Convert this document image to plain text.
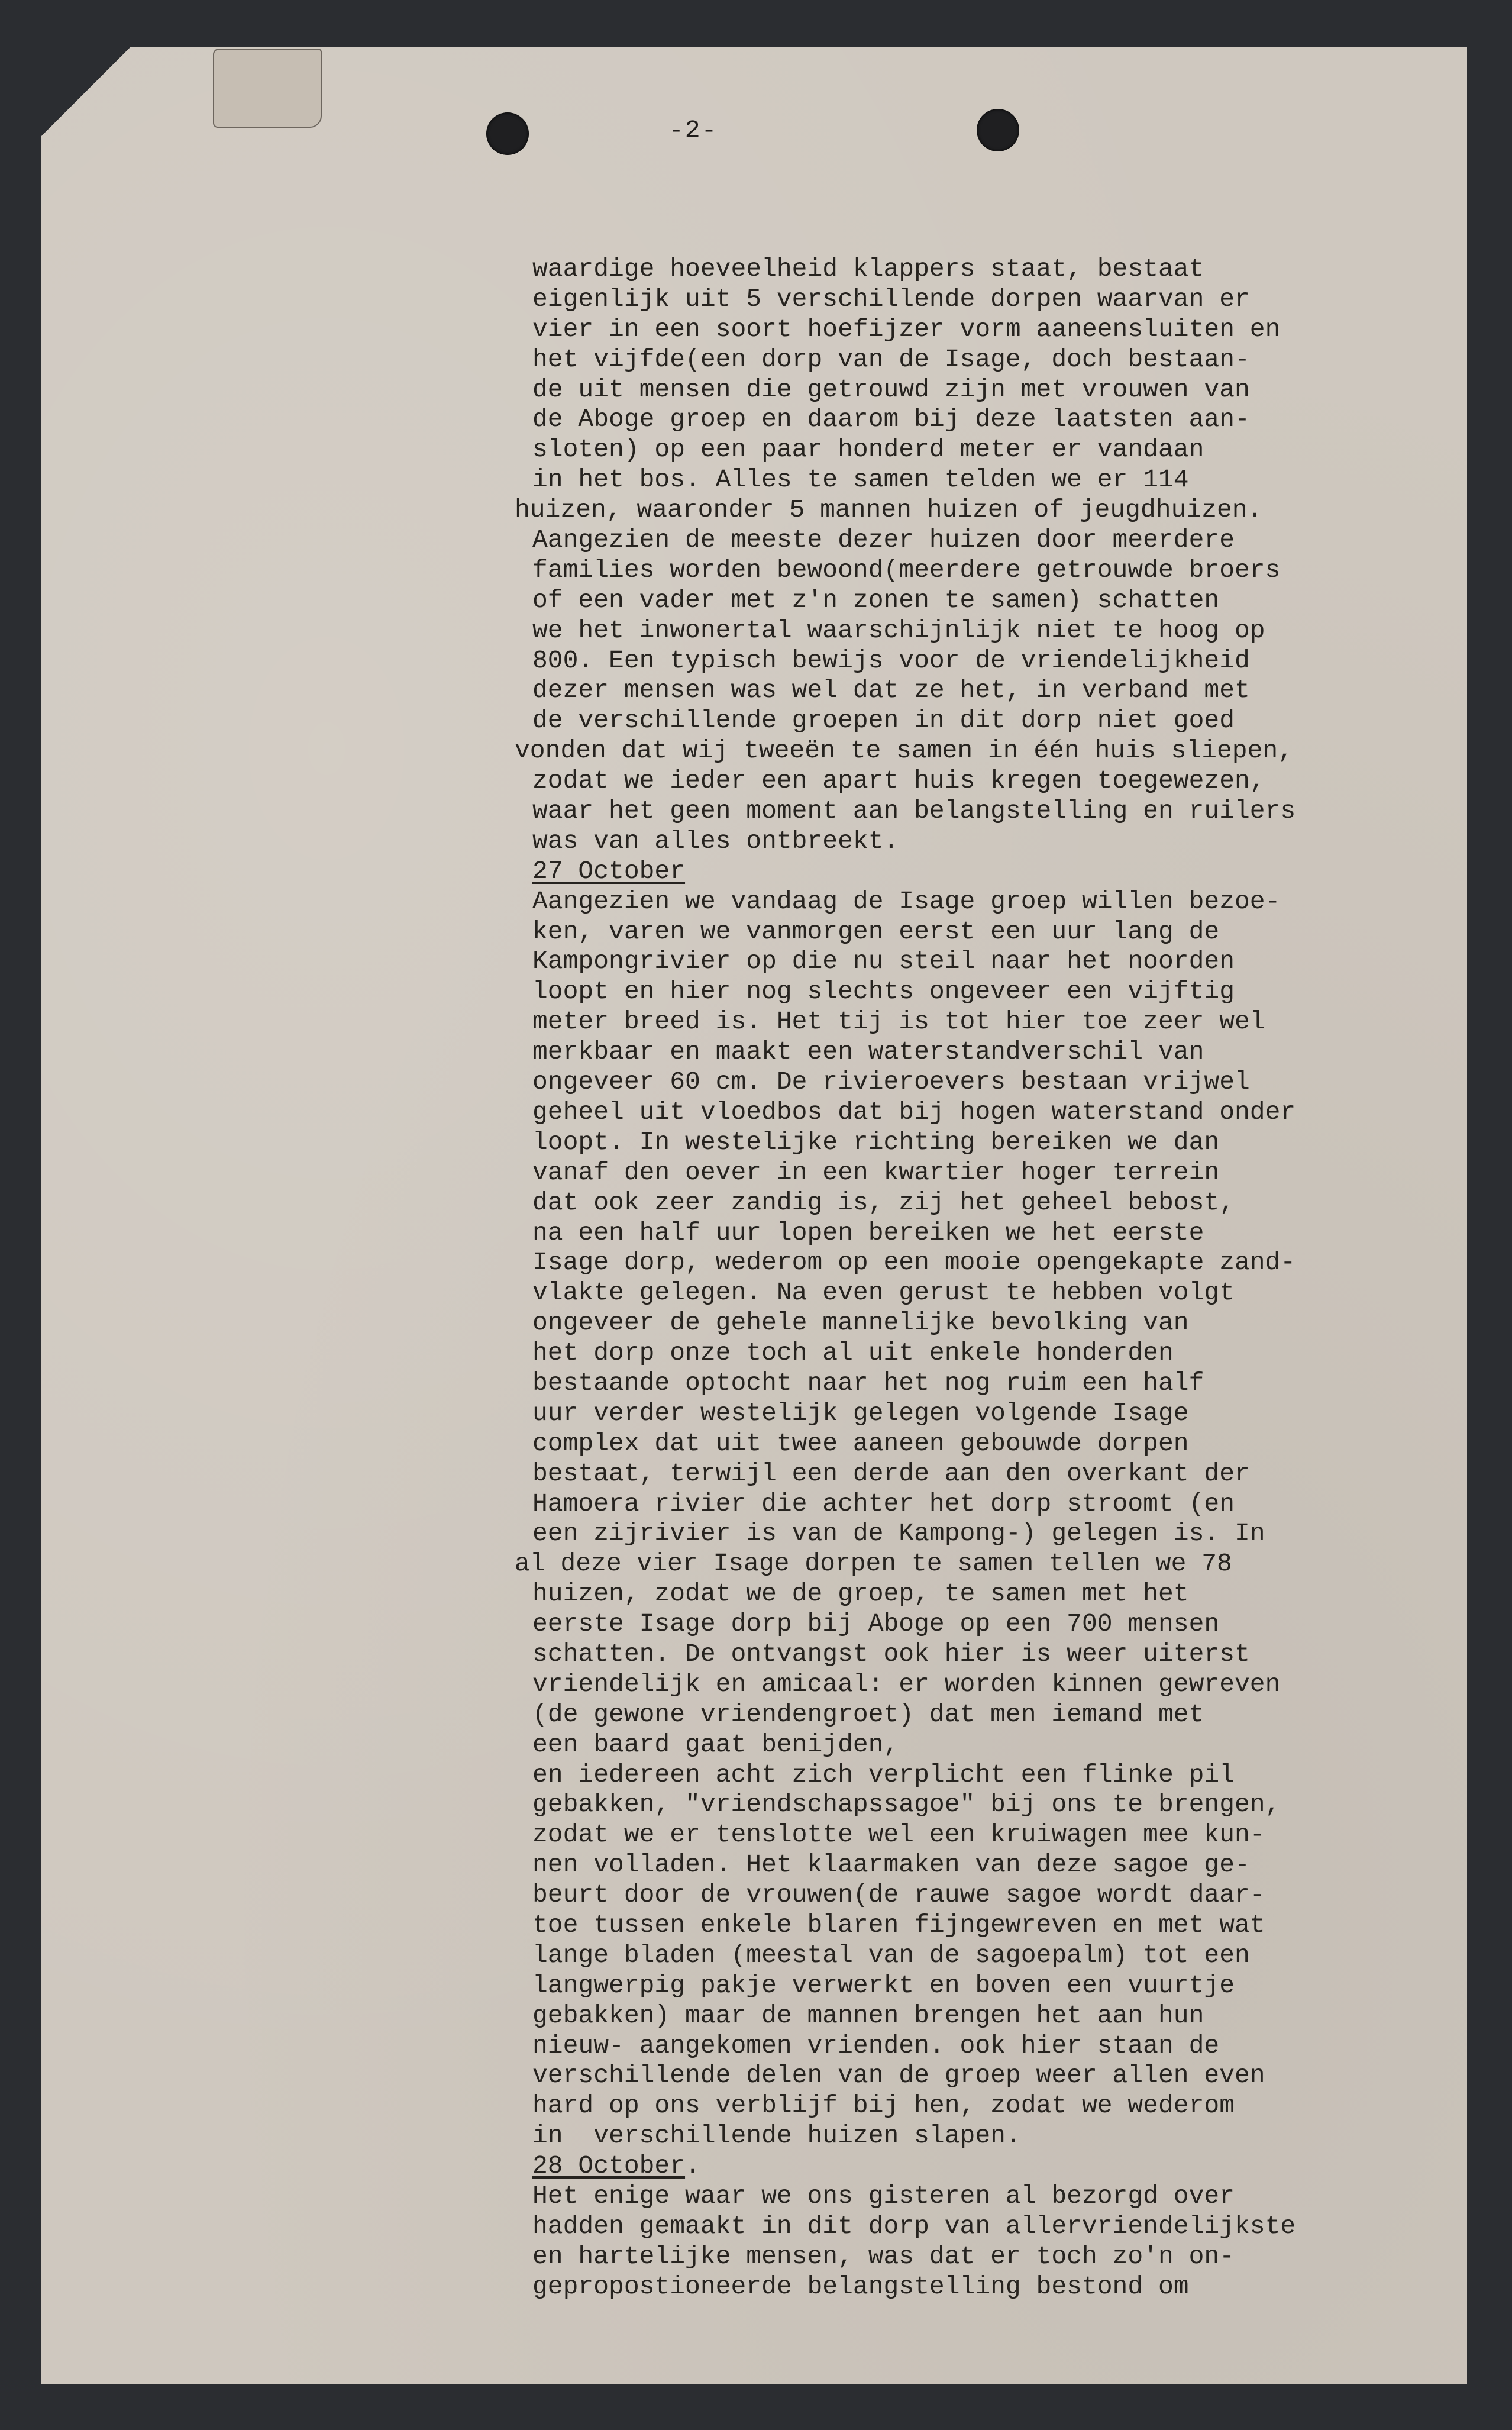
-2-
waardige hoeveelheid klappers staat, bestaat
eigenlijk uit 5 verschillende dorpen waarvan er
vier in een soort hoefijzer vorm aaneensluiten en
het vijfde(een dorp van de Isage, doch bestaan-
de uit mensen die getrouwd zijn met vrouwen van
de Aboge groep en daarom bij deze laatsten aan-
sloten) op een paar honderd meter er vandaan
in het bos. Alles te samen telden we er 114
huizen, waaronder 5 mannen huizen of jeugdhuizen.
Aangezien de meeste dezer huizen door meerdere
families worden bewoond(meerdere getrouwde broers
of een vader met z'n zonen te samen) schatten
we het inwonertal waarschijnlijk niet te hoog op
800. Een typisch bewijs voor de vriendelijkheid
dezer mensen was wel dat ze het, in verband met
de verschillende groepen in dit dorp niet goed
vonden dat wij tweeën te samen in één huis sliepen,
zodat we ieder een apart huis kregen toegewezen,
waar het geen moment aan belangstelling en ruilers
was van alles ontbreekt.
27 October
Aangezien we vandaag de Isage groep willen bezoe-
ken, varen we vanmorgen eerst een uur lang de
Kampongrivier op die nu steil naar het noorden
loopt en hier nog slechts ongeveer een vijftig
meter breed is. Het tij is tot hier toe zeer wel
merkbaar en maakt een waterstandverschil van
ongeveer 60 cm. De rivieroevers bestaan vrijwel
geheel uit vloedbos dat bij hogen waterstand onder
loopt. In westelijke richting bereiken we dan
vanaf den oever in een kwartier hoger terrein
dat ook zeer zandig is, zij het geheel bebost,
na een half uur lopen bereiken we het eerste
Isage dorp, wederom op een mooie opengekapte zand-
vlakte gelegen. Na even gerust te hebben volgt
ongeveer de gehele mannelijke bevolking van
het dorp onze toch al uit enkele honderden
bestaande optocht naar het nog ruim een half
uur verder westelijk gelegen volgende Isage
complex dat uit twee aaneen gebouwde dorpen
bestaat, terwijl een derde aan den overkant der
Hamoera rivier die achter het dorp stroomt (en
een zijrivier is van de Kampong-) gelegen is. In
al deze vier Isage dorpen te samen tellen we 78
huizen, zodat we de groep, te samen met het
eerste Isage dorp bij Aboge op een 700 mensen
schatten. De ontvangst ook hier is weer uiterst
vriendelijk en amicaal: er worden kinnen gewreven
(de gewone vriendengroet) dat men iemand met
een baard gaat benijden,
en iedereen acht zich verplicht een flinke pil
gebakken, "vriendschapssagoe" bij ons te brengen,
zodat we er tenslotte wel een kruiwagen mee kun-
nen volladen. Het klaarmaken van deze sagoe ge-
beurt door de vrouwen(de rauwe sagoe wordt daar-
toe tussen enkele blaren fijngewreven en met wat
lange bladen (meestal van de sagoepalm) tot een
langwerpig pakje verwerkt en boven een vuurtje
gebakken) maar de mannen brengen het aan hun
nieuw- aangekomen vrienden. ook hier staan de
verschillende delen van de groep weer allen even
hard op ons verblijf bij hen, zodat we wederom
in  verschillende huizen slapen.
28 October.
Het enige waar we ons gisteren al bezorgd over
hadden gemaakt in dit dorp van allervriendelijkste
en hartelijke mensen, was dat er toch zo'n on-
gepropostioneerde belangstelling bestond om
